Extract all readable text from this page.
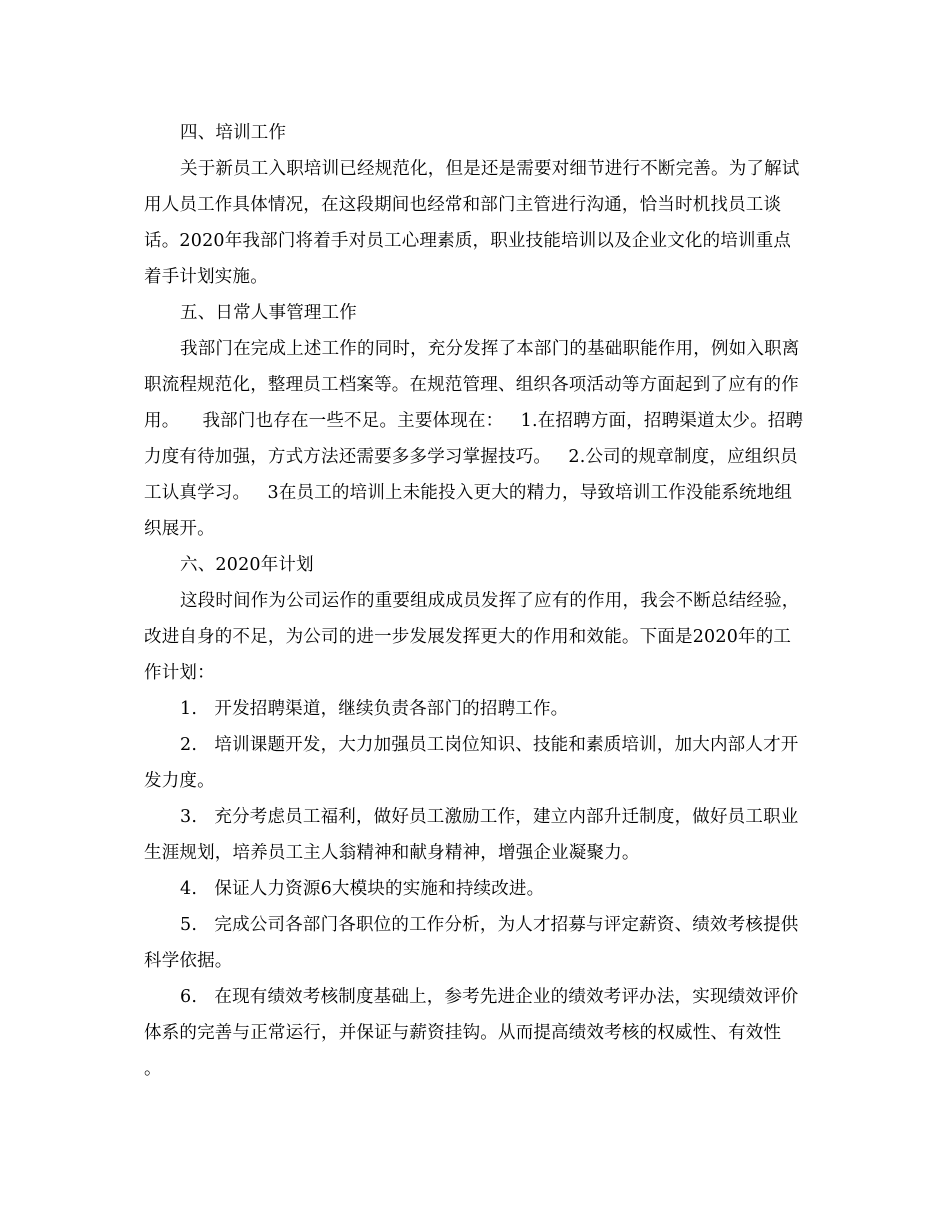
四、培训工作

关于新员工入职培训已经规范化，但是还是需要对细节进行不断完善。为了解试用人员工作具体情况，在这段期间也经常和部门主管进行沟通，恰当时机找员工谈话。2020年我部门将着手对员工心理素质，职业技能培训以及企业文化的培训重点着手计划实施。

五、日常人事管理工作

我部门在完成上述工作的同时，充分发挥了本部门的基础职能作用，例如入职离职流程规范化，整理员工档案等。在规范管理、组织各项活动等方面起到了应有的作用。    我部门也存在一些不足。主要体现在：   1.在招聘方面，招聘渠道太少。招聘力度有待加强，方式方法还需要多多学习掌握技巧。   2.公司的规章制度，应组织员工认真学习。   3在员工的培训上未能投入更大的精力，导致培训工作没能系统地组织展开。

六、2020年计划

这段时间作为公司运作的重要组成成员发挥了应有的作用，我会不断总结经验，改进自身的不足，为公司的进一步发展发挥更大的作用和效能。下面是2020年的工作计划：

1.   开发招聘渠道，继续负责各部门的招聘工作。

2.   培训课题开发，大力加强员工岗位知识、技能和素质培训，加大内部人才开发力度。

3.   充分考虑员工福利，做好员工激励工作，建立内部升迁制度，做好员工职业生涯规划，培养员工主人翁精神和献身精神，增强企业凝聚力。

4.   保证人力资源6大模块的实施和持续改进。

5.   完成公司各部门各职位的工作分析，为人才招募与评定薪资、绩效考核提供科学依据。

6.   在现有绩效考核制度基础上，参考先进企业的绩效考评办法，实现绩效评价体系的完善与正常运行，并保证与薪资挂钩。从而提高绩效考核的权威性、有效性      。
